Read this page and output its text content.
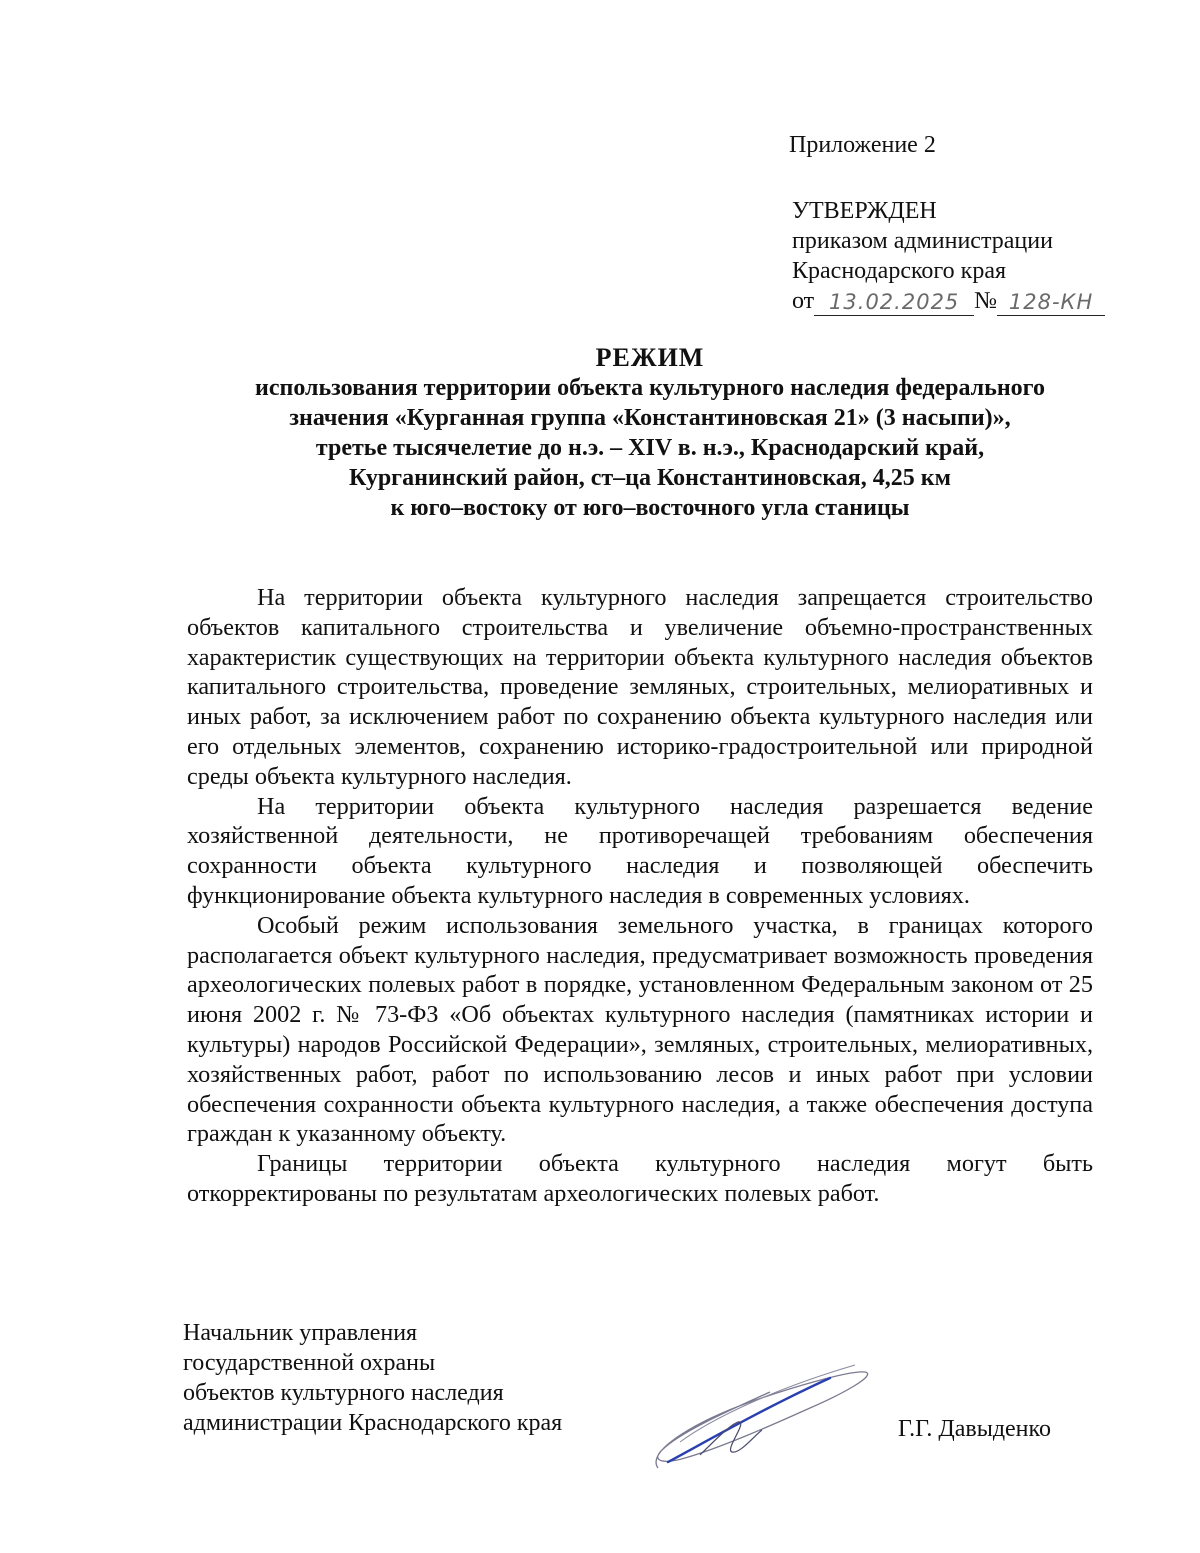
Приложение 2
УТВЕРЖДЕН
приказом администрации
Краснодарского края
от 13.02.2025 № 128-КН
РЕЖИМ
использования территории объекта культурного наследия федерального
значения «Курганная группа «Константиновская 21» (3 насыпи)»,
третье тысячелетие до н.э. – XIV в. н.э., Краснодарский край,
Курганинский район, ст–ца Константиновская, 4,25 км
к юго–востоку от юго–восточного угла станицы

На территории объекта культурного наследия запрещается строительство объектов капитального строительства и увеличение объемно-пространственных характеристик существующих на территории объекта культурного наследия объектов капитального строительства, проведение земляных, строительных, мелиоративных и иных работ, за исключением работ по сохранению объекта культурного наследия или его отдельных элементов, сохранению историко-градостроительной или природной среды объекта культурного наследия.

На территории объекта культурного наследия разрешается ведение хозяйственной деятельности, не противоречащей требованиям обеспечения сохранности объекта культурного наследия и позволяющей обеспечить функционирование объекта культурного наследия в современных условиях.

Особый режим использования земельного участка, в границах которого располагается объект культурного наследия, предусматривает возможность проведения археологических полевых работ в порядке, установленном Федеральным законом от 25 июня 2002 г. № 73-ФЗ «Об объектах культурного наследия (памятниках истории и культуры) народов Российской Федерации», земляных, строительных, мелиоративных, хозяйственных работ, работ по использованию лесов и иных работ при условии обеспечения сохранности объекта культурного наследия, а также обеспечения доступа граждан к указанному объекту.

Границы территории объекта культурного наследия могут быть откорректированы по результатам археологических полевых работ.

Начальник управления
государственной охраны
объектов культурного наследия
администрации Краснодарского края	Г.Г. Давыденко
